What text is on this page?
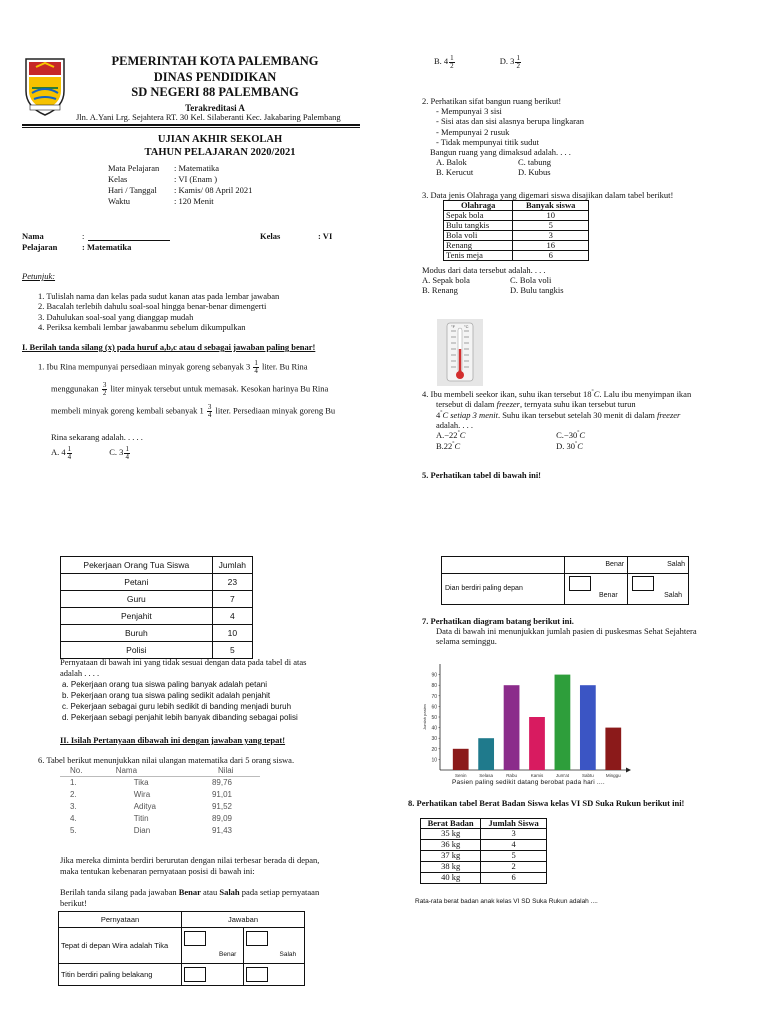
PEMERINTAH KOTA PALEMBANG
DINAS PENDIDIKAN
SD NEGERI 88 PALEMBANG
Terakreditasi A
Jln. A.Yani Lrg. Sejahtera RT. 30 Kel. Silaberanti Kec. Jakabaring Palembang
UJIAN AKHIR SEKOLAH
TAHUN PELAJARAN 2020/2021
Mata Pelajaran : Matematika
Kelas	: VI (Enam )
Hari / Tanggal : Kamis/ 08 April 2021
Waktu	: 120 Menit
Nama	:	Kelas	: VI
Pelajaran	: Matematika
Petunjuk:
1. Tulislah nama dan kelas pada sudut kanan atas pada lembar jawaban
2. Bacalah terlebih dahulu soal-soal hingga benar-benar dimengerti
3. Dahulukan soal-soal yang dianggap mudah
4. Periksa kembali lembar jawabanmu sebelum dikumpulkan
I. Berilah tanda silang (x) pada huruf a,b,c atau d sebagai jawaban paling benar!
1. Ibu Rina mempunyai persediaan minyak goreng sebanyak $3 \frac{1}{4}$ liter. Bu Rina
menggunakan $\frac{3}{2}$ liter minyak tersebut untuk memasak. Kesokan harinya Bu Rina
membeli minyak goreng kembali sebanyak $1 \frac{3}{4}$ liter. Persediaan minyak goreng Bu
Rina sekarang adalah. . . . .
A. $4 \frac{1}{4}$	C. $3 \frac{1}{4}$
Pekerjaan Orang Tua Siswa	Jumlah
Petani	23
Guru	7
Penjahit	4
Buruh	10
Polisi	5
Pernyataan di bawah ini yang tidak sesuai dengan data pada tabel di atas
adalah . . . .
a. Pekerjaan orang tua siswa paling banyak adalah petani
b. Pekerjaan orang tua siswa paling sedikit adalah penjahit
c. Pekerjaan sebagai guru lebih sedikit di banding menjadi buruh
d. Pekerjaan sebagi penjahit lebih banyak dibanding sebagai polisi
II. Isilah Pertanyaan dibawah ini dengan jawaban yang tepat!
6. Tabel berikut menunjukkan nilai ulangan matematika dari 5 orang siswa.
No.	Nama	Nilai
1.	Tika	89,76
2.	Wira	91,01
3.	Aditya	91,52
4.	Titin	89,09
5.	Dian	91,43
Jika mereka diminta berdiri berurutan dengan nilai terbesar berada di depan,
maka tentukan kebenaran pernyataan posisi di bawah ini:
Berilah tanda silang pada jawaban Benar atau Salah pada setiap pernyataan
berikut!
Pernyataan	Jawaban	
Tepat di depan Wira adalah Tika	Benar	Salah

Titin berdiri paling belakang	

B. $4 \frac{1}{2}$	D. $3 \frac{1}{2}$
2. Perhatikan sifat bangun ruang berikut!
- Mempunyai 3 sisi
- Sisi atas dan sisi alasnya berupa lingkaran
- Mempunyai 2 rusuk
- Tidak mempunyai titik sudut
Bangun ruang yang dimaksud adalah. . . .
A. Balok	C. tabung
B. Kerucut	D. Kubus
3. Data jenis Olahraga yang digemari siswa disajikan dalam tabel berikut!
Olahraga	Banyak siswa
Sepak bola	10
Bulu tangkis	5
Bola voli	3
Renang	16
Tenis meja	6
Modus dari data tersebut adalah. . . .
A. Sepak bola	C. Bola voli
B. Renang	D. Bulu tangkis
°F °C
4. Ibu membeli seekor ikan, suhu ikan tersebut 18°C. Lalu ibu menyimpan ikan
tersebut di dalam freezer, ternyata suhu ikan tersebut turun
4°C setiap 3 menit. Suhu ikan tersebut setelah 30 menit di dalam freezer
adalah. . . .
A.−22°C	C.−30°C
B.22°C	D. 30°C
5. Perhatikan tabel di bawah ini!
	Benar	Salah
Dian berdiri paling depan	Benar	Salah
7. Perhatikan diagram batang berikut ini.
Data di bawah ini menunjukkan jumlah pasien di puskesmas Sehat Sejahtera
selama seminggu.
10
20
30
40
50
60
70
80
90
Jumlah pasien
Senin	Selasa	Rabu	Kamis	Jum'at	Sabtu	Minggu
Pasien paling sedikit datang berobat pada hari ....
8. Perhatikan tabel Berat Badan Siswa kelas VI SD Suka Rukun berikut ini!
Berat Badan	Jumlah Siswa
35 kg	3
36 kg	4
37 kg	5
38 kg	2
40 kg	6
Rata-rata berat badan anak kelas VI SD Suka Rukun adalah ....
